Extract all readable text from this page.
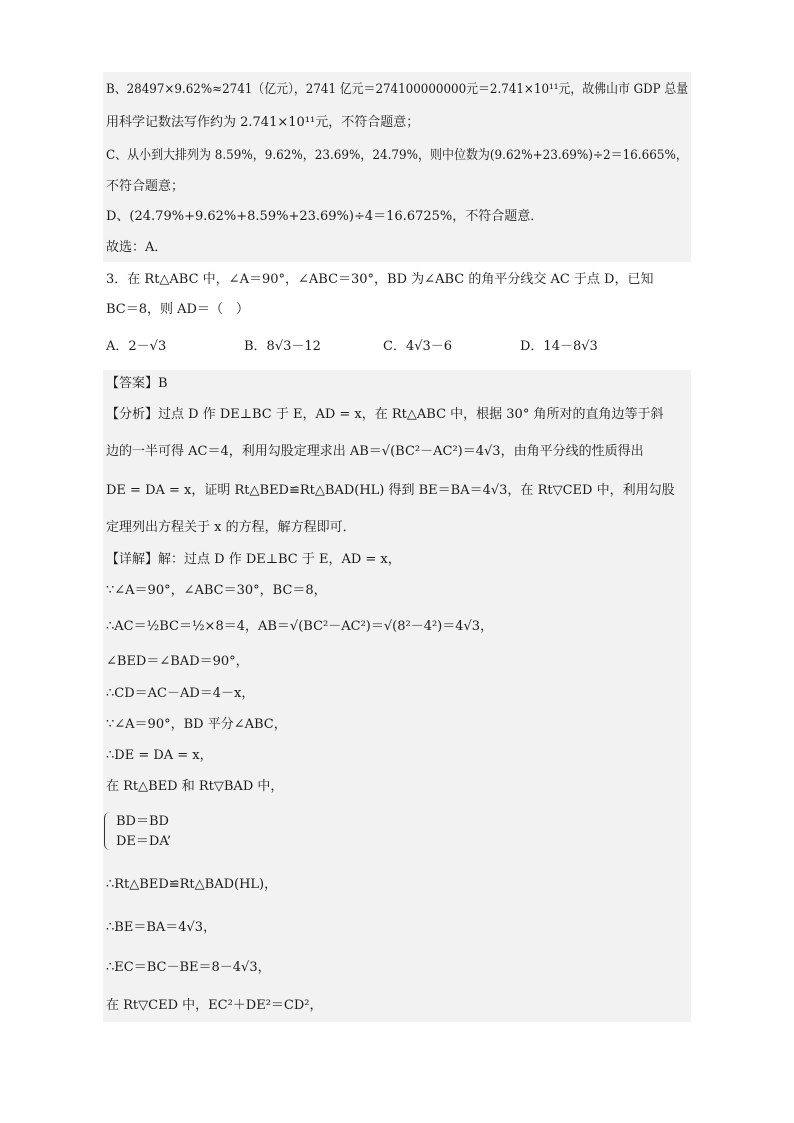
B、28497×9.62%≈2741（亿元），2741 亿元＝274100000000元＝2.741×10¹¹元，故佛山市 GDP 总量
用科学记数法写作约为 2.741×10¹¹元，不符合题意；
C、从小到大排列为 8.59%，9.62%，23.69%，24.79%，则中位数为(9.62%+23.69%)÷2＝16.665%，
不符合题意；
D、(24.79%+9.62%+8.59%+23.69%)÷4＝16.6725%，不符合题意．
故选：A．
3．在 Rt△ABC 中，∠A＝90°，∠ABC＝30°，BD 为∠ABC 的角平分线交 AC 于点 D，已知
BC＝8，则 AD＝（　）
A．2－√3	B．8√3－12	C．4√3－6	D．14－8√3
【答案】B
【分析】过点 D 作 DE⊥BC 于 E，AD = x，在 Rt△ABC 中，根据 30° 角所对的直角边等于斜
边的一半可得 AC＝4，利用勾股定理求出 AB＝√(BC²－AC²)＝4√3，由角平分线的性质得出
DE = DA = x，证明 Rt△BED≌Rt△BAD(HL) 得到 BE＝BA＝4√3，在 Rt▽CED 中，利用勾股
定理列出方程关于 x 的方程，解方程即可．
【详解】解：过点 D 作 DE⊥BC 于 E，AD = x，
∵∠A＝90°，∠ABC＝30°，BC＝8，
∴AC＝½BC＝½×8＝4，AB＝√(BC²－AC²)＝√(8²－4²)＝4√3，
∠BED＝∠BAD＝90°，
∴CD＝AC－AD＝4－x，
∵∠A＝90°，BD 平分∠ABC，
∴DE = DA = x，
在 Rt△BED 和 Rt▽BAD 中，
BD＝BD
DE＝DA’
∴Rt△BED≌Rt△BAD(HL)，
∴BE＝BA＝4√3，
∴EC＝BC－BE＝8－4√3，
在 Rt▽CED 中，EC²＋DE²＝CD²，
